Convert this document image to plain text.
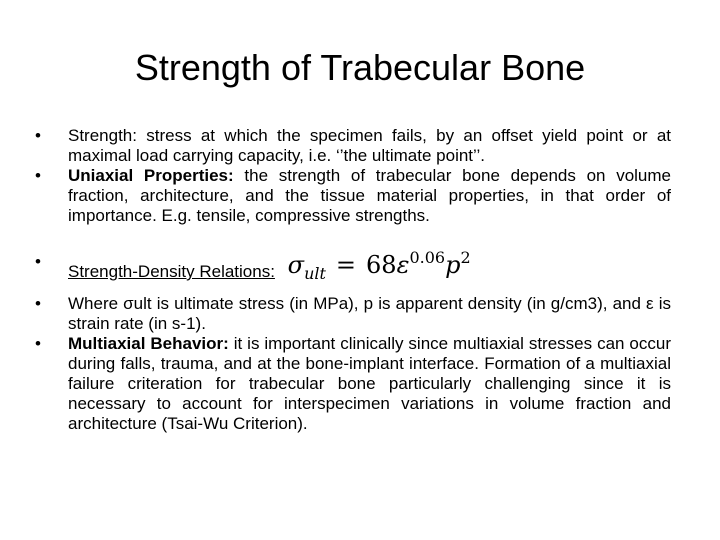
Strength of Trabecular Bone
•	Strength: stress at which the specimen fails, by an offset yield point or at maximal load carrying capacity, i.e. ‘’the ultimate point’’.
•	Uniaxial Properties: the strength of trabecular bone depends on volume fraction, architecture, and the tissue material properties, in that order of importance. E.g. tensile, compressive strengths.
•
Strength-Density Relations: $\sigma_{ult} = 68\varepsilon^{0.06}p^2$
•	Where σult is ultimate stress (in MPa), p is apparent density (in g/cm3), and ε is strain rate (in s-1).
•	Multiaxial Behavior: it is important clinically since multiaxial stresses can occur during falls, trauma, and at the bone-implant interface. Formation of a multiaxial failure criteration for trabecular bone particularly challenging since it is necessary to account for interspecimen variations in volume fraction and architecture (Tsai-Wu Criterion).
